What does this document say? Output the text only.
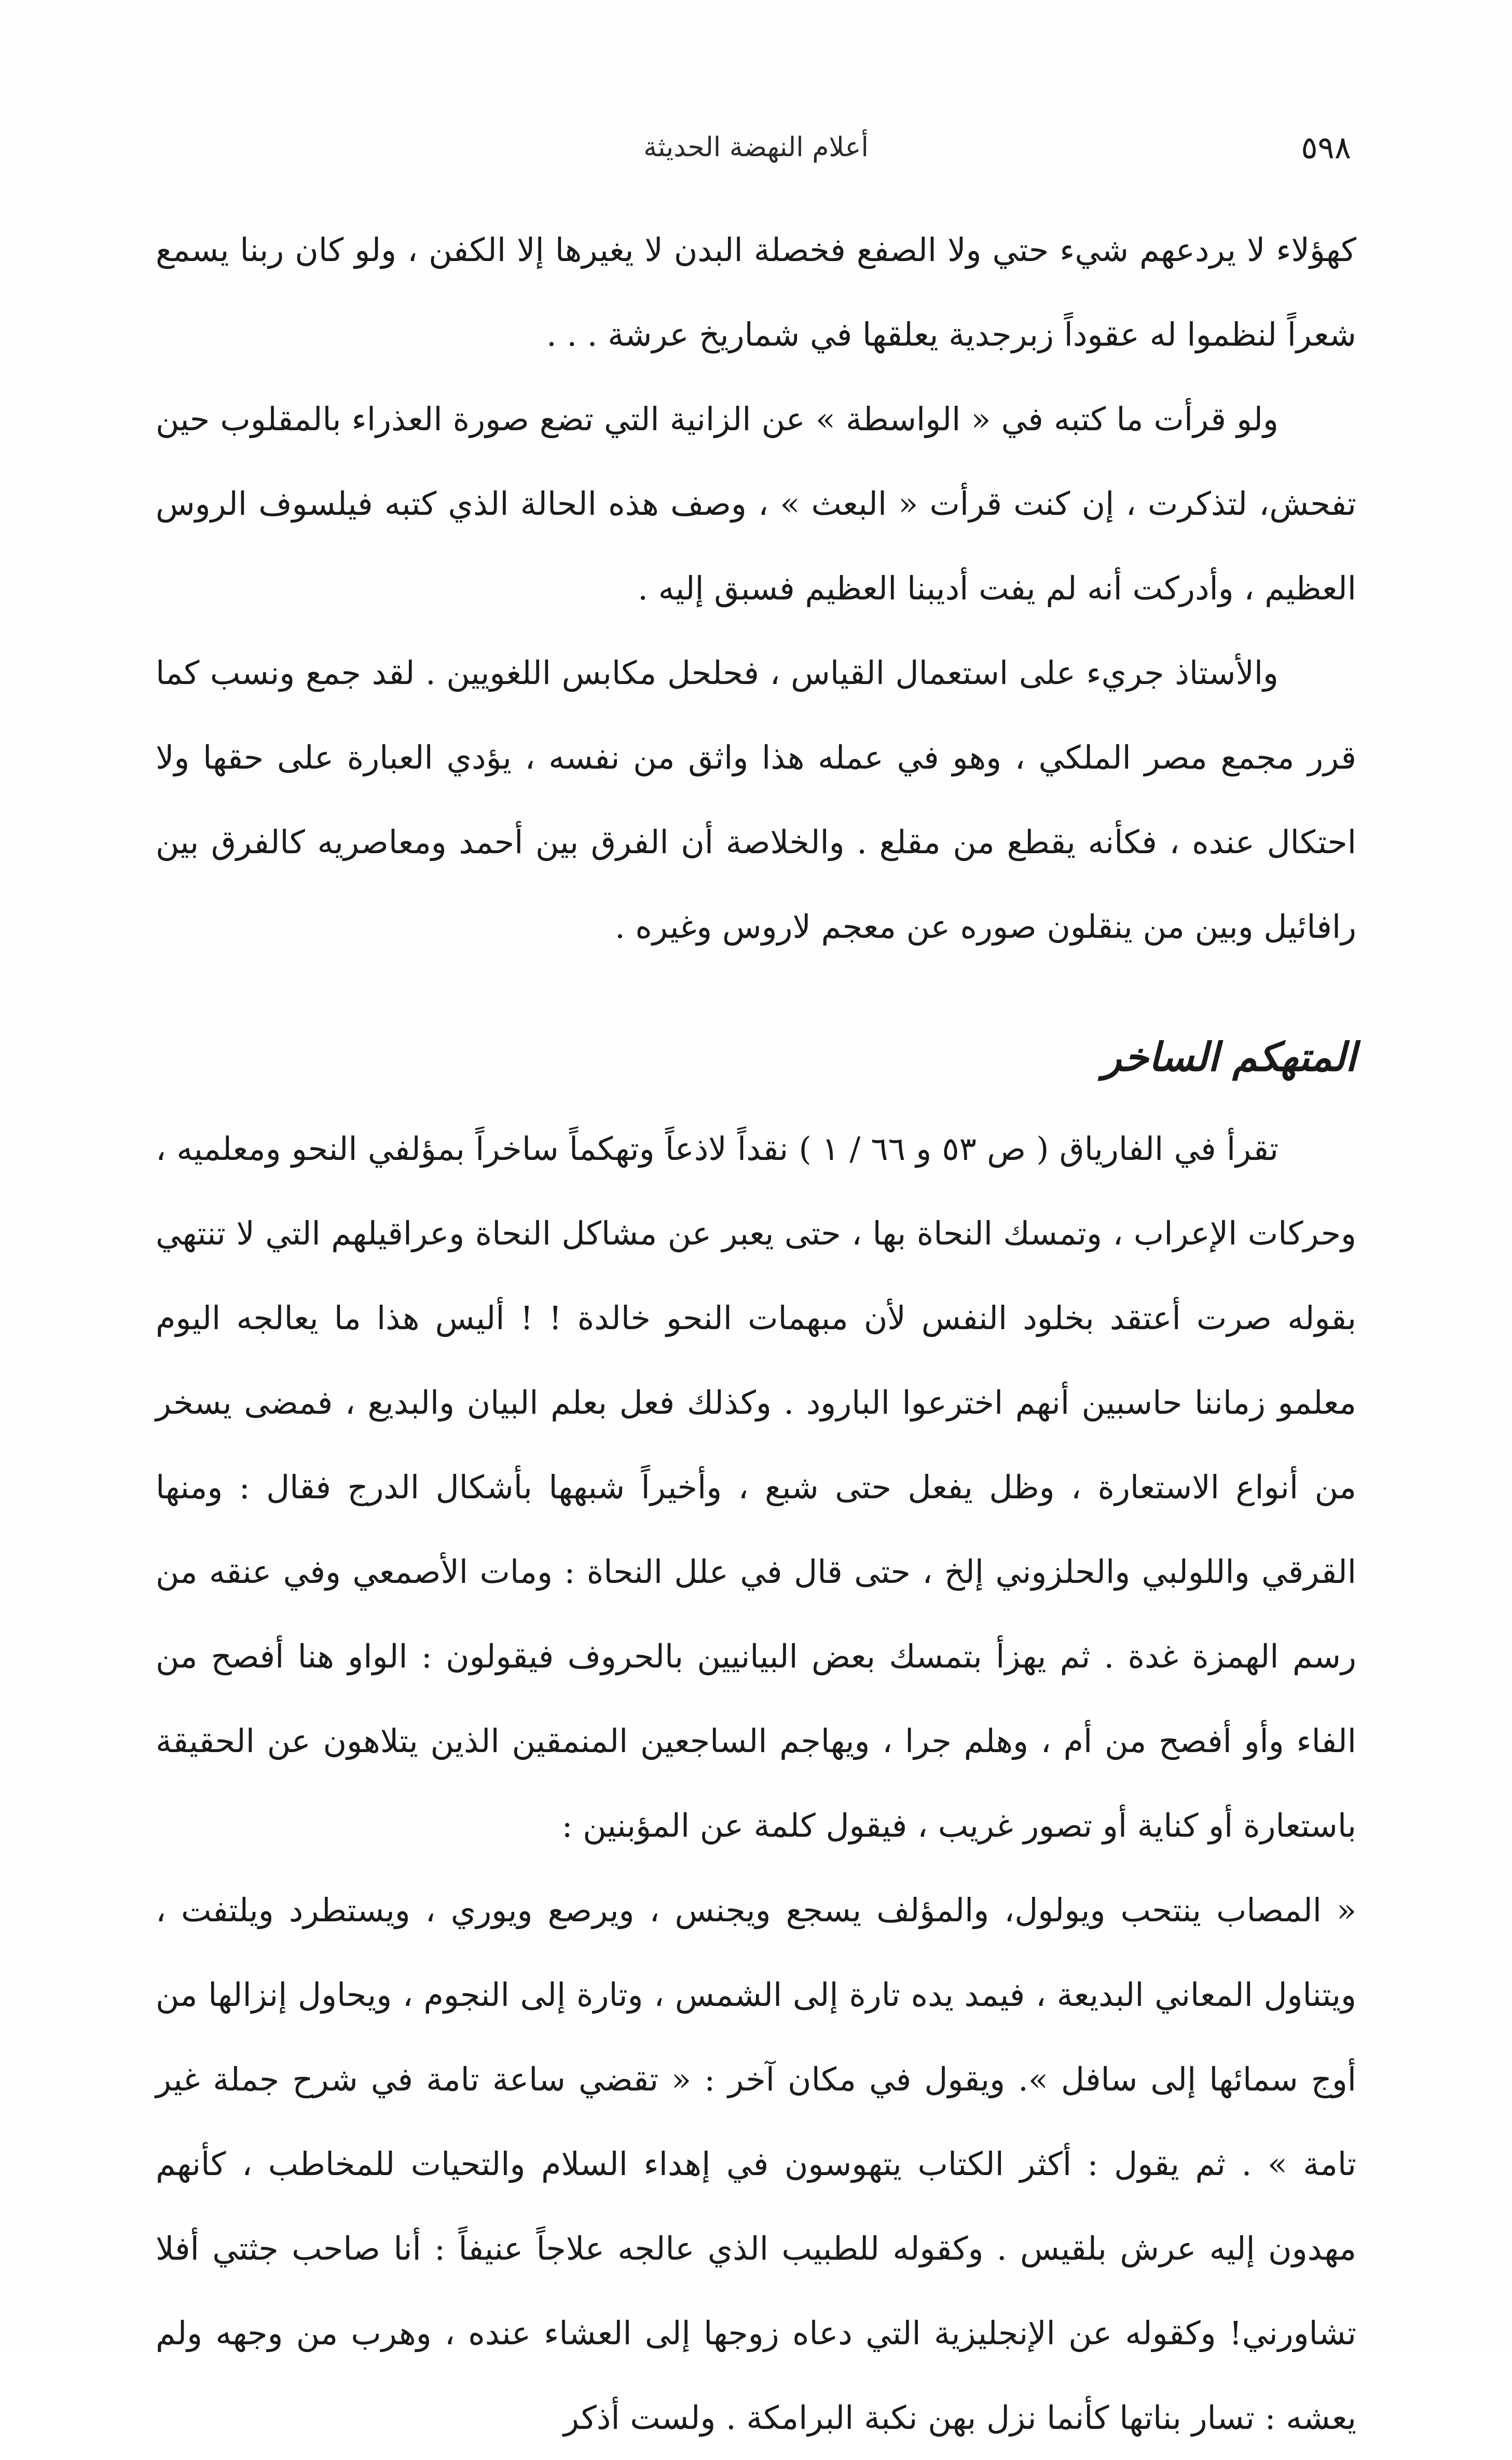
٥٩٨
أعلام النهضة الحديثة

كهؤلاء لا يردعهم شيء حتي ولا الصفع فخصلة البدن لا يغيرها إلا الكفن ، ولو كان ربنا يسمع شعراً لنظموا له عقوداً زبرجدية يعلقها في شماريخ عرشة . . .

ولو قرأت ما كتبه في « الواسطة » عن الزانية التي تضع صورة العذراء بالمقلوب حين تفحش، لتذكرت ، إن كنت قرأت « البعث » ، وصف هذه الحالة الذي كتبه فيلسوف الروس العظيم ، وأدركت أنه لم يفت أديبنا العظيم فسبق إليه .

والأستاذ جريء على استعمال القياس ، فحلحل مكابس اللغويين . لقد جمع ونسب كما قرر مجمع مصر الملكي ، وهو في عمله هذا واثق من نفسه ، يؤدي العبارة على حقها ولا احتكال عنده ، فكأنه يقطع من مقلع . والخلاصة أن الفرق بين أحمد ومعاصريه كالفرق بين رافائيل وبين من ينقلون صوره عن معجم لاروس وغيره .

المتهكم الساخر

تقرأ في الفارياق ( ص ٥٣ و ٦٦ / ١ ) نقداً لاذعاً وتهكماً ساخراً بمؤلفي النحو ومعلميه ، وحركات الإعراب ، وتمسك النحاة بها ، حتى يعبر عن مشاكل النحاة وعراقيلهم التي لا تنتهي بقوله صرت أعتقد بخلود النفس لأن مبهمات النحو خالدة ! ! أليس هذا ما يعالجه اليوم معلمو زماننا حاسبين أنهم اخترعوا البارود . وكذلك فعل بعلم البيان والبديع ، فمضى يسخر من أنواع الاستعارة ، وظل يفعل حتى شبع ، وأخيراً شبهها بأشكال الدرج فقال : ومنها القرقي واللولبي والحلزوني إلخ ، حتى قال في علل النحاة : ومات الأصمعي وفي عنقه من رسم الهمزة غدة . ثم يهزأ بتمسك بعض البيانيين بالحروف فيقولون : الواو هنا أفصح من الفاء وأو أفصح من أم ، وهلم جرا ، ويهاجم الساجعين المنمقين الذين يتلاهون عن الحقيقة باستعارة أو كناية أو تصور غريب ، فيقول كلمة عن المؤبنين :

« المصاب ينتحب ويولول، والمؤلف يسجع ويجنس ، ويرصع ويوري ، ويستطرد ويلتفت ، ويتناول المعاني البديعة ، فيمد يده تارة إلى الشمس ، وتارة إلى النجوم ، ويحاول إنزالها من أوج سمائها إلى سافل ». ويقول في مكان آخر : « تقضي ساعة تامة في شرح جملة غير تامة » . ثم يقول : أكثر الكتاب يتهوسون في إهداء السلام والتحيات للمخاطب ، كأنهم مهدون إليه عرش بلقيس . وكقوله للطبيب الذي عالجه علاجاً عنيفاً : أنا صاحب جثتي أفلا تشاورني! وكقوله عن الإنجليزية التي دعاه زوجها إلى العشاء عنده ، وهرب من وجهه ولم يعشه : تسار بناتها كأنما نزل بهن نكبة البرامكة . ولست أذكر
